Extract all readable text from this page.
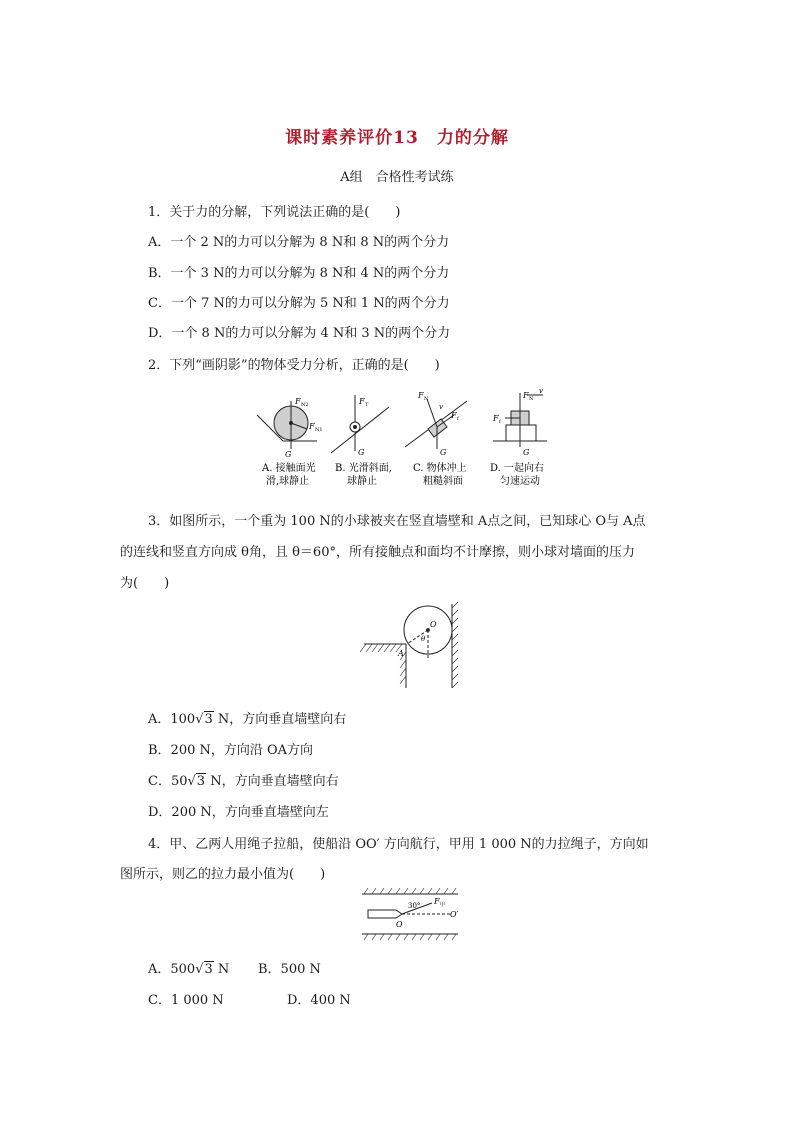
课时素养评价13　力的分解
A组　合格性考试练
1．关于力的分解，下列说法正确的是(　　)
A．一个 2 N的力可以分解为 8 N和 8 N的两个分力
B．一个 3 N的力可以分解为 8 N和 4 N的两个分力
C．一个 7 N的力可以分解为 5 N和 1 N的两个分力
D．一个 8 N的力可以分解为 4 N和 3 N的两个分力
2．下列“画阴影”的物体受力分析，正确的是(　　)
F N2
F N1
G
F T
G
F N
F f
v
G
F N
F f
v
G
A. 接触面光
滑,球静止
B. 光滑斜面,
球静止
C. 物体冲上
粗糙斜面
D. 一起向右
匀速运动
3．如图所示，一个重为 100 N的小球被夹在竖直墙壁和 A点之间，已知球心 O与 A点
的连线和竖直方向成 θ角，且 θ＝60°，所有接触点和面均不计摩擦，则小球对墙面的压力
为(　　)
O
θ
A
A．100√3 N，方向垂直墙壁向右
B．200 N，方向沿 OA方向
C．50√3 N，方向垂直墙壁向右
D．200 N，方向垂直墙壁向左
4．甲、乙两人用绳子拉船，使船沿 OO′ 方向航行，甲用 1 000 N的力拉绳子，方向如
图所示，则乙的拉力最小值为(　　)
30° F 甲
O
O′
A．500√3 N B．500 N
C．1 000 N	D．400 N
